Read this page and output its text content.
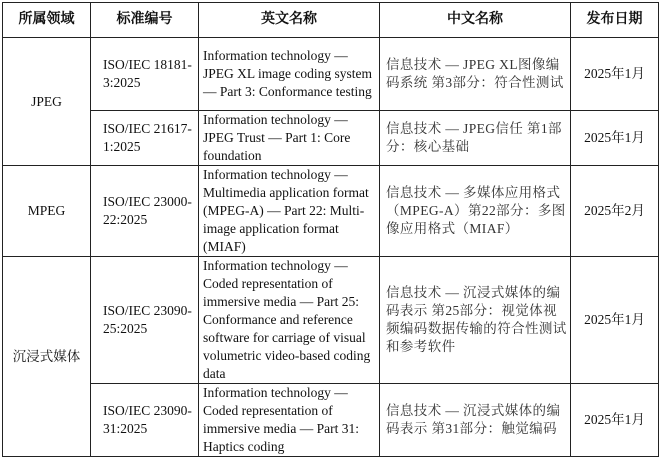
所属领域	标准编号	英文名称	中文名称	发布日期
JPEG	ISO/IEC 18181-3:2025	Information technology — JPEG XL image coding system — Part 3: Conformance testing	信息技术 — JPEG XL图像编码系统 第3部分：符合性测试	2025年1月
	ISO/IEC 21617-1:2025	Information technology — JPEG Trust — Part 1: Core foundation	信息技术 — JPEG信任 第1部分：核心基础	2025年1月
MPEG	ISO/IEC 23000-22:2025	Information technology — Multimedia application format (MPEG-A) — Part 22: Multi-image application format (MIAF)	信息技术 — 多媒体应用格式（MPEG-A）第22部分：多图像应用格式（MIAF）	2025年2月
沉浸式媒体	ISO/IEC 23090-25:2025	Information technology — Coded representation of immersive media — Part 25: Conformance and reference software for carriage of visual volumetric video-based coding data	信息技术 — 沉浸式媒体的编码表示 第25部分：视觉体视频编码数据传输的符合性测试和参考软件	2025年1月
	ISO/IEC 23090-31:2025	Information technology — Coded representation of immersive media — Part 31: Haptics coding	信息技术 — 沉浸式媒体的编码表示 第31部分：触觉编码	2025年1月
